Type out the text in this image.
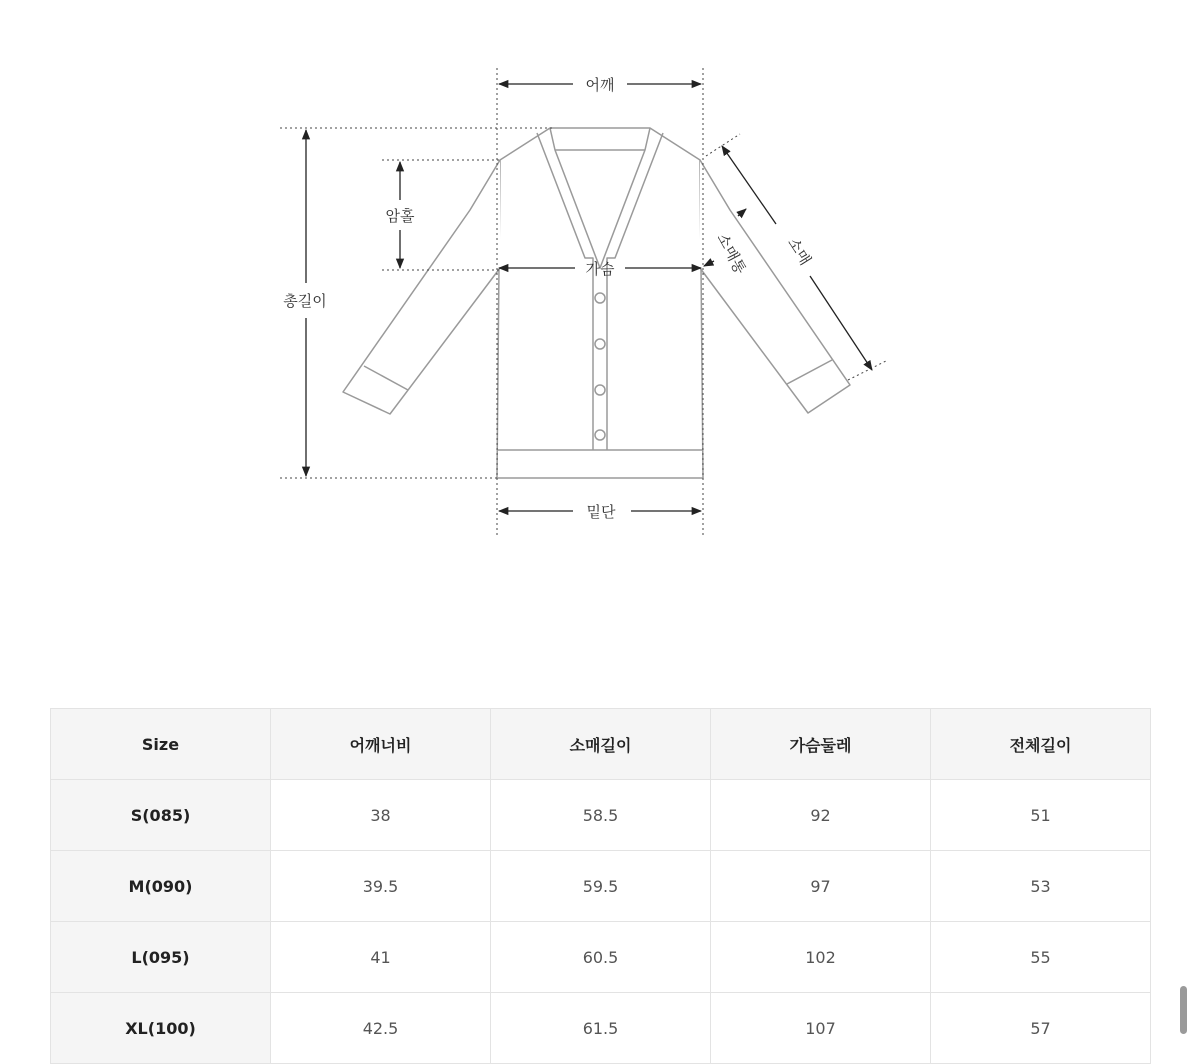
어깨
암홀
가슴
총길이
밑단
소매통 소매
Size	어깨너비	소매길이	가슴둘레	전체길이
S(085)	38	58.5	92	51
M(090)	39.5	59.5	97	53
L(095)	41	60.5	102	55
XL(100)	42.5	61.5	107	57
